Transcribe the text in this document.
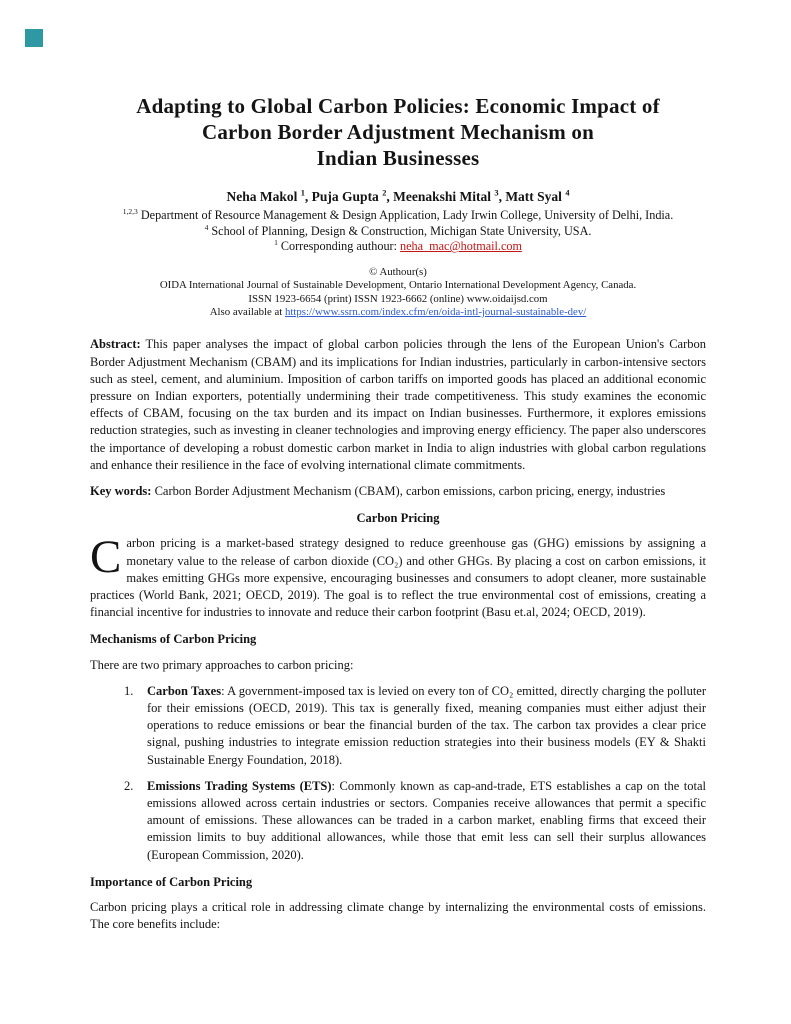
Adapting to Global Carbon Policies: Economic Impact of
Carbon Border Adjustment Mechanism on
Indian Businesses
Neha Makol $^1$, Puja Gupta $^2$, Meenakshi Mital $^3$, Matt Syal $^4$
$^{1,2,3}$ Department of Resource Management & Design Application, Lady Irwin College, University of Delhi, India.
$^4$ School of Planning, Design & Construction, Michigan State University, USA.
$^1$ Corresponding authour: neha_mac@hotmail.com
© Authour(s)
OIDA International Journal of Sustainable Development, Ontario International Development Agency, Canada.
ISSN 1923-6654 (print) ISSN 1923-6662 (online) www.oidaijsd.com
Also available at https://www.ssrn.com/index.cfm/en/oida-intl-journal-sustainable-dev/

Abstract: This paper analyses the impact of global carbon policies through the lens of the European Union's Carbon Border Adjustment Mechanism (CBAM) and its implications for Indian industries, particularly in carbon-intensive sectors such as steel, cement, and aluminium. Imposition of carbon tariffs on imported goods has placed an additional economic pressure on Indian exporters, potentially undermining their trade competitiveness. This study examines the economic effects of CBAM, focusing on the tax burden and its impact on Indian businesses. Furthermore, it explores emissions reduction strategies, such as investing in cleaner technologies and improving energy efficiency. The paper also underscores the importance of developing a robust domestic carbon market in India to align industries with global carbon regulations and enhance their resilience in the face of evolving international climate commitments.

Key words: Carbon Border Adjustment Mechanism (CBAM), carbon emissions, carbon pricing, energy, industries

Carbon Pricing

Carbon pricing is a market-based strategy designed to reduce greenhouse gas (GHG) emissions by assigning a monetary value to the release of carbon dioxide (CO₂) and other GHGs. By placing a cost on carbon emissions, it makes emitting GHGs more expensive, encouraging businesses and consumers to adopt cleaner, more sustainable practices (World Bank, 2021; OECD, 2019). The goal is to reflect the true environmental cost of emissions, creating a financial incentive for industries to innovate and reduce their carbon footprint (Basu et.al, 2024; OECD, 2019).

Mechanisms of Carbon Pricing

There are two primary approaches to carbon pricing:

1.	Carbon Taxes: A government-imposed tax is levied on every ton of CO₂ emitted, directly charging the polluter for their emissions (OECD, 2019). This tax is generally fixed, meaning companies must either adjust their operations to reduce emissions or bear the financial burden of the tax. The carbon tax provides a clear price signal, pushing industries to integrate emission reduction strategies into their business models (EY & Shakti Sustainable Energy Foundation, 2018).
2.	Emissions Trading Systems (ETS): Commonly known as cap-and-trade, ETS establishes a cap on the total emissions allowed across certain industries or sectors. Companies receive allowances that permit a specific amount of emissions. These allowances can be traded in a carbon market, enabling firms that exceed their emission limits to buy additional allowances, while those that emit less can sell their surplus allowances (European Commission, 2020).
Importance of Carbon Pricing

Carbon pricing plays a critical role in addressing climate change by internalizing the environmental costs of emissions. The core benefits include:
